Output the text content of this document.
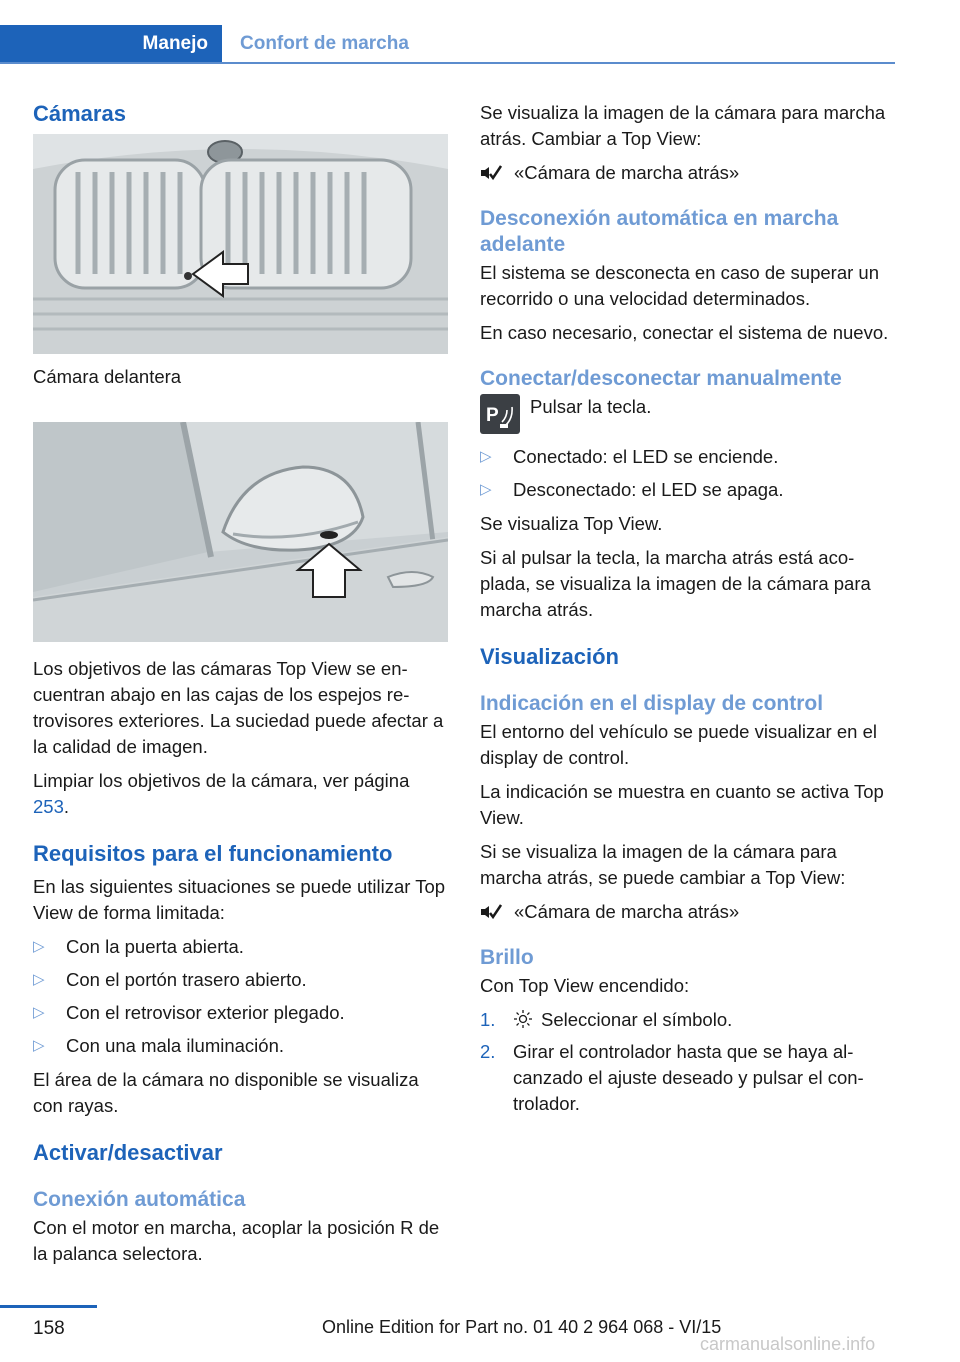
Manejo	Confort de marcha
Cámaras
Cámara delantera
Los objetivos de las cámaras Top View se encuentran abajo en las cajas de los espejos retrovisores exteriores. La suciedad puede afectar a la calidad de imagen.
Limpiar los objetivos de la cámara, ver página 253.
Requisitos para el funcionamiento
En las siguientes situaciones se puede utilizar Top View de forma limitada:
▷ Con la puerta abierta.
▷ Con el portón trasero abierto.
▷ Con el retrovisor exterior plegado.
▷ Con una mala iluminación.
El área de la cámara no disponible se visualiza con rayas.
Activar/desactivar
Conexión automática
Con el motor en marcha, acoplar la posición R de la palanca selectora.
Se visualiza la imagen de la cámara para marcha atrás. Cambiar a Top View:
«Cámara de marcha atrás»
Desconexión automática en marcha adelante
El sistema se desconecta en caso de superar un recorrido o una velocidad determinados.
En caso necesario, conectar el sistema de nuevo.
Conectar/desconectar manualmente
P Pulsar la tecla.
▷ Conectado: el LED se enciende.
▷ Desconectado: el LED se apaga.
Se visualiza Top View.
Si al pulsar la tecla, la marcha atrás está acoplada, se visualiza la imagen de la cámara para marcha atrás.
Visualización
Indicación en el display de control
El entorno del vehículo se puede visualizar en el display de control.
La indicación se muestra en cuanto se activa Top View.
Si se visualiza la imagen de la cámara para marcha atrás, se puede cambiar a Top View:
«Cámara de marcha atrás»
Brillo
Con Top View encendido:
1. Seleccionar el símbolo.
2. Girar el controlador hasta que se haya alcanzado el ajuste deseado y pulsar el controlador.
158	Online Edition for Part no. 01 40 2 964 068 - VI/15
carmanualsonline.info
